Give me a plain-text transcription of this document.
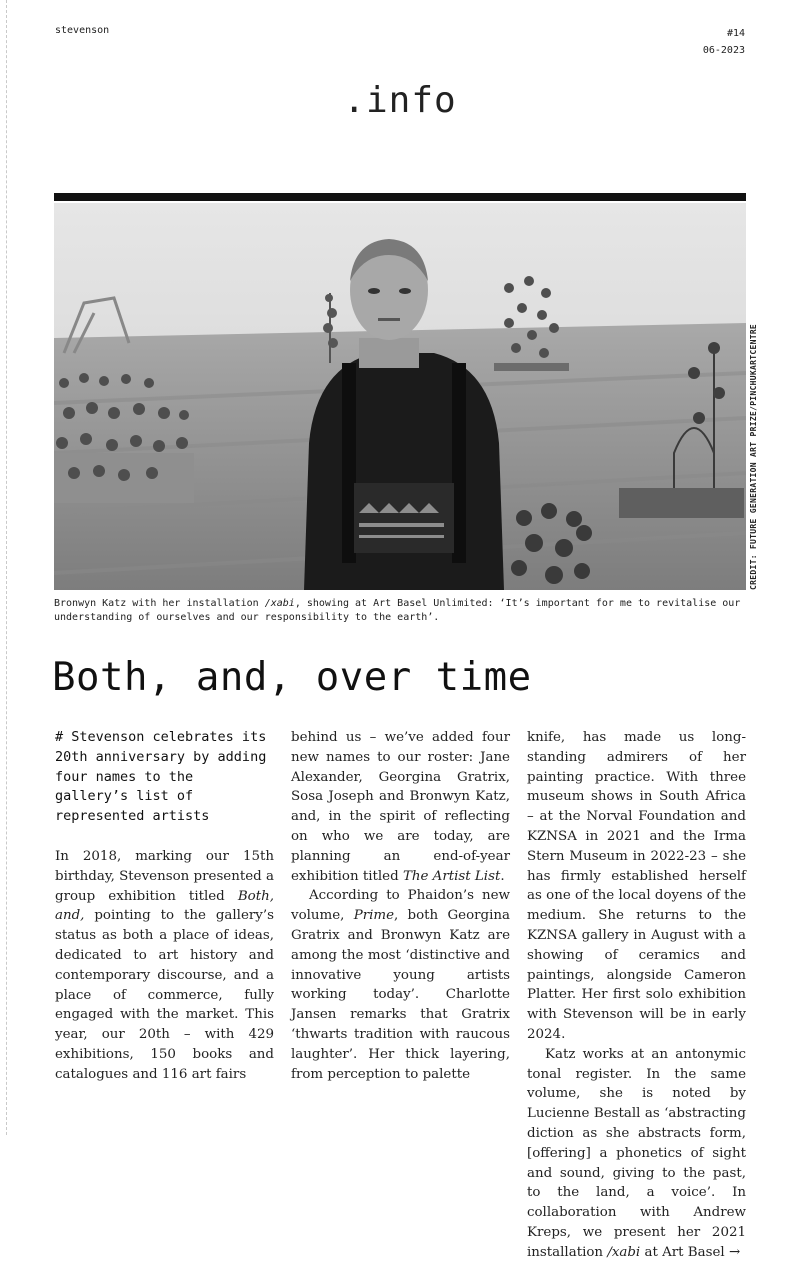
stevenson	#14
06-2023
.info
CREDIT: FUTURE GENERATION ART PRIZE/PINCHUKARTCENTRE
Bronwyn Katz with her installation /xabi, showing at Art Basel Unlimited: ‘It’s important for me to revitalise our understanding of ourselves and our responsibility to the earth’.
Both, and, over time

# Stevenson celebrates its 20th anniversary by adding four names to the gallery’s list of represented artists

In 2018, marking our 15th birthday, Stevenson presented a group exhibition titled Both, and, pointing to the gallery’s status as both a place of ideas, dedicated to art history and contemporary discourse, and a place of commerce, fully engaged with the market. This year, our 20th – with 429 exhibitions, 150 books and catalogues and 116 art fairs

behind us – we’ve added four new names to our roster: Jane Alexander, Georgina Gratrix, Sosa Joseph and Bronwyn Katz, and, in the spirit of reflecting on who we are today, are planning an end-of-year exhibition titled The Artist List.

According to Phaidon’s new volume, Prime, both Georgina Gratrix and Bronwyn Katz are among the most ‘distinctive and innovative young artists working today’. Charlotte Jansen remarks that Gratrix ‘thwarts tradition with raucous laughter’. Her thick layering, from perception to palette

knife, has made us long-standing admirers of her painting practice. With three museum shows in South Africa – at the Norval Foundation and KZNSA in 2021 and the Irma Stern Museum in 2022-23 – she has firmly established herself as one of the local doyens of the medium. She returns to the KZNSA gallery in August with a showing of ceramics and paintings, alongside Cameron Platter. Her first solo exhibition with Stevenson will be in early 2024.

Katz works at an antonymic tonal register. In the same volume, she is noted by Lucienne Bestall as ‘abstracting diction as she abstracts form, [offering] a phonetics of sight and sound, giving to the past, to the land, a voice’. In collaboration with Andrew Kreps, we present her 2021 installation /xabi at Art Basel →
